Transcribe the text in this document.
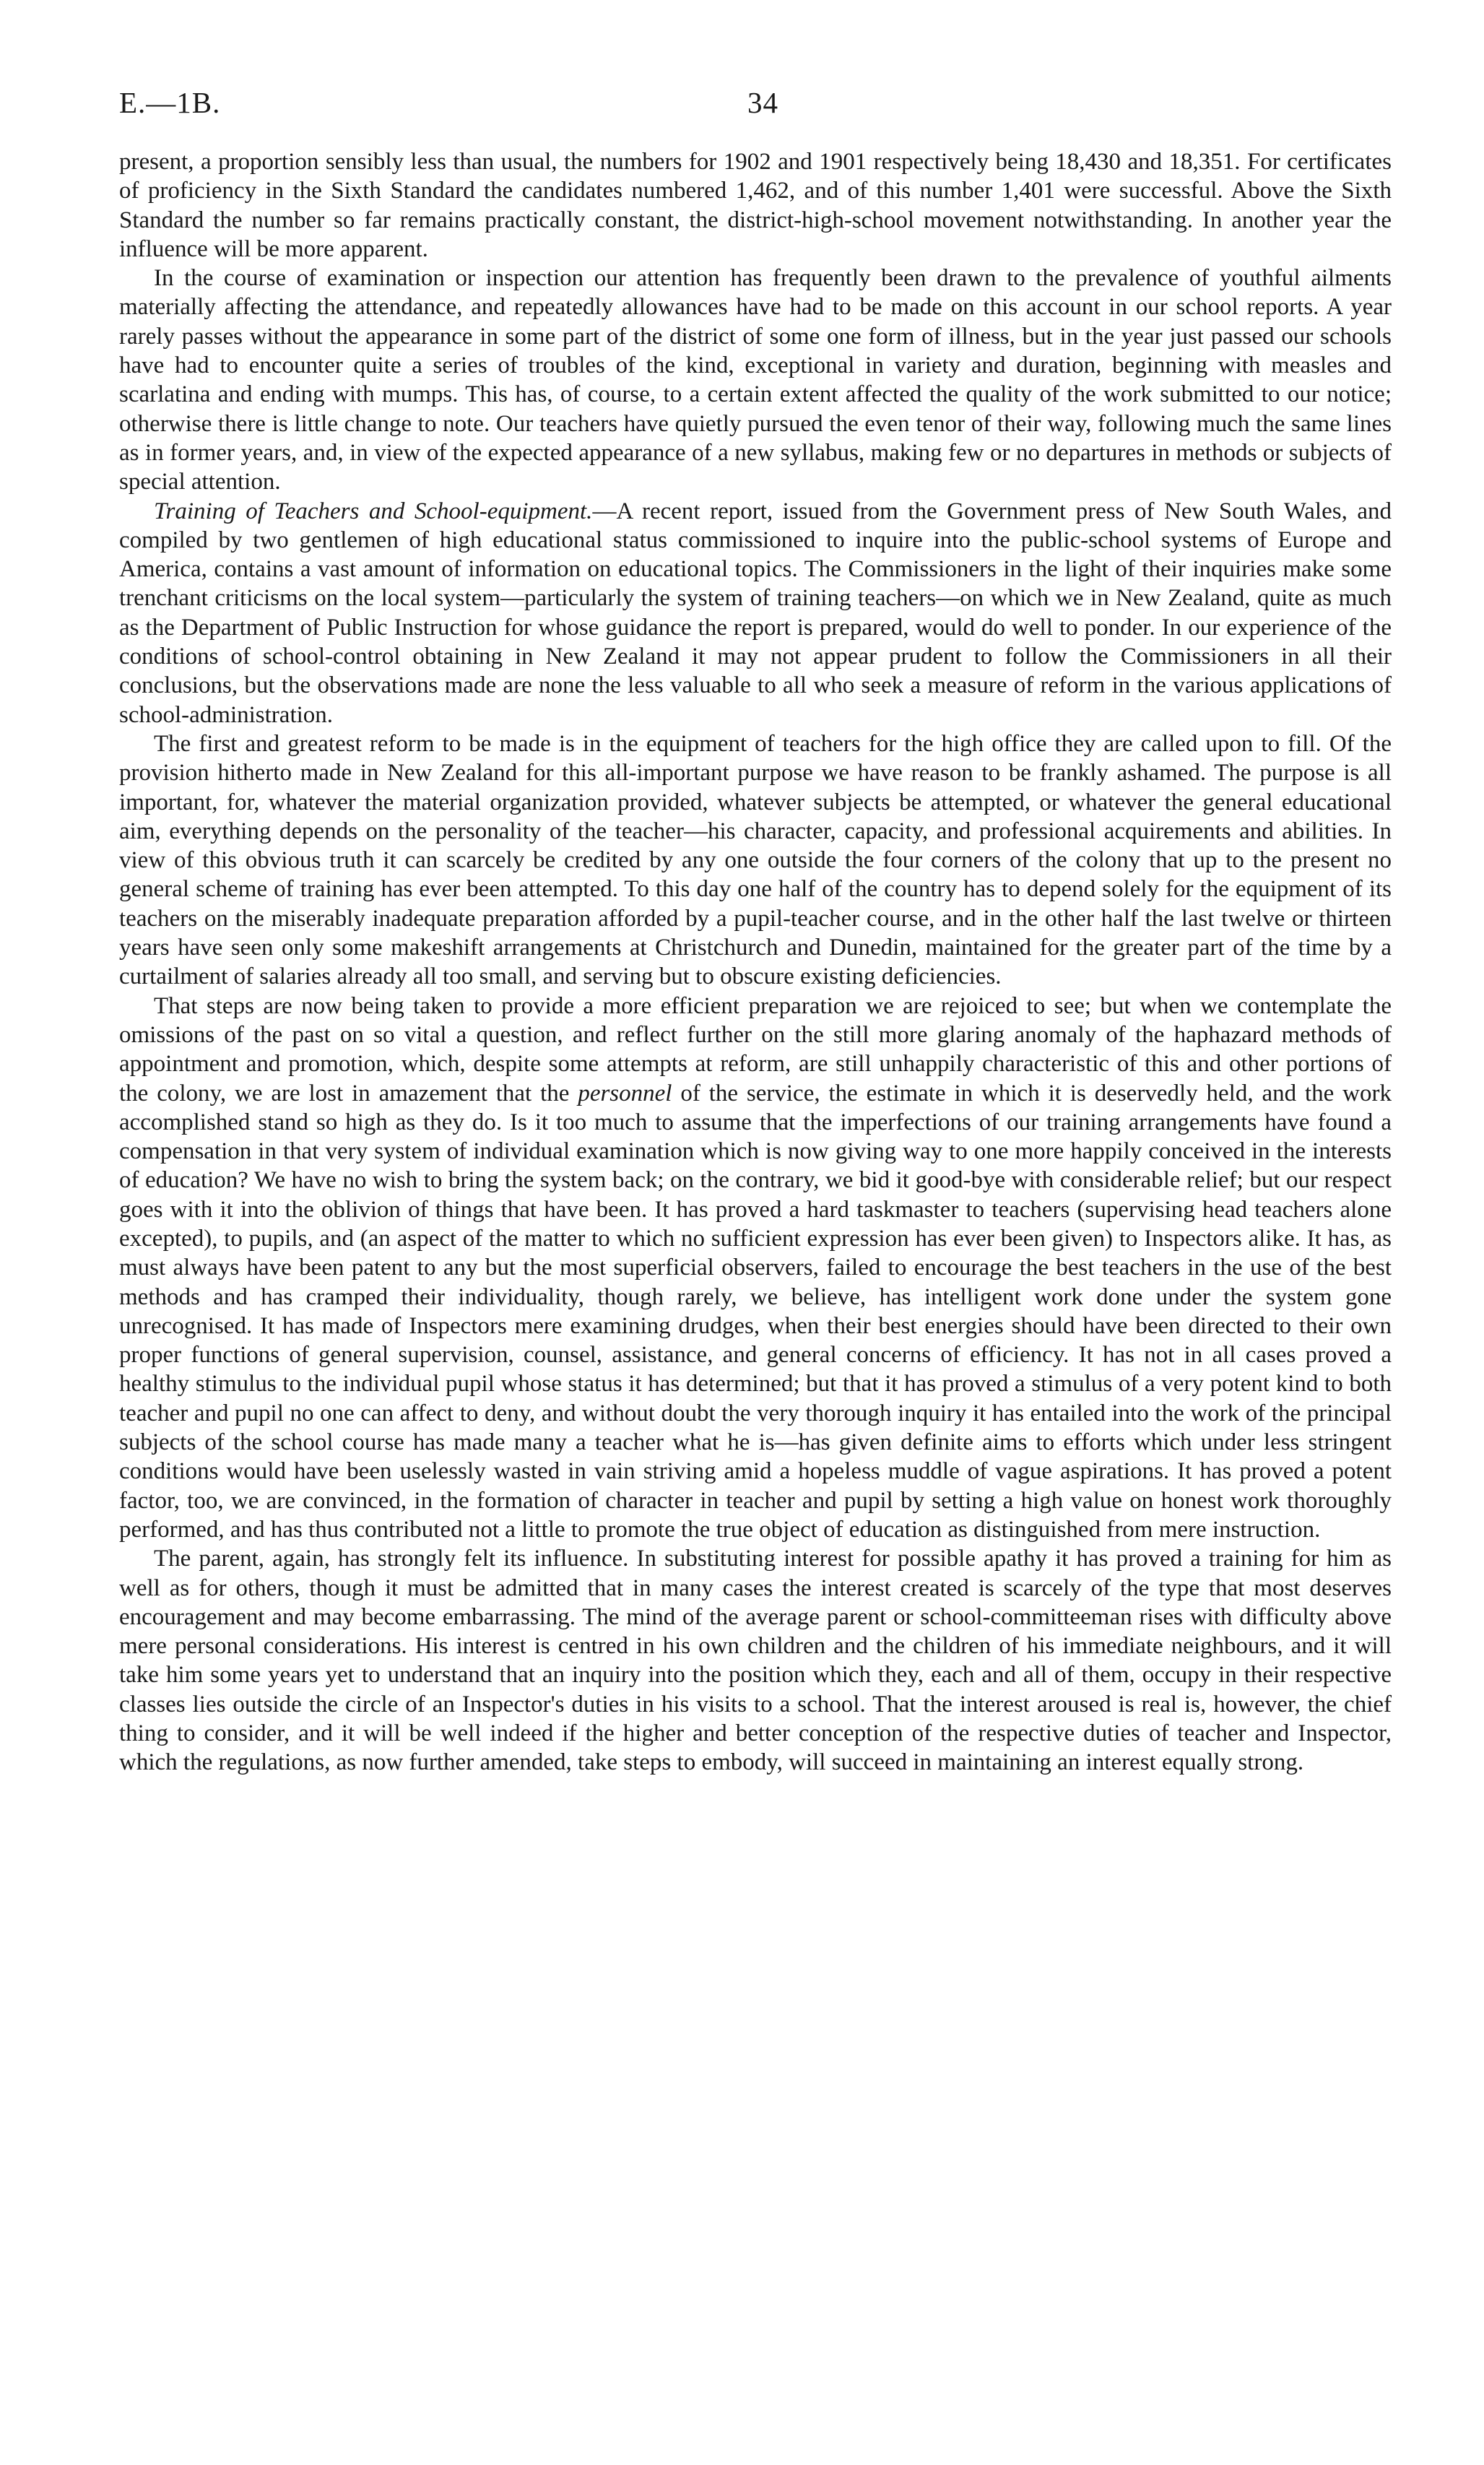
E.—1B.	34

present, a proportion sensibly less than usual, the numbers for 1902 and 1901 respectively being 18,430 and 18,351. For certificates of proficiency in the Sixth Standard the candidates numbered 1,462, and of this number 1,401 were successful. Above the Sixth Standard the number so far remains practically constant, the district-high-school movement notwithstanding. In another year the influence will be more apparent.

In the course of examination or inspection our attention has frequently been drawn to the prevalence of youthful ailments materially affecting the attendance, and repeatedly allowances have had to be made on this account in our school reports. A year rarely passes without the appearance in some part of the district of some one form of illness, but in the year just passed our schools have had to encounter quite a series of troubles of the kind, exceptional in variety and duration, beginning with measles and scarlatina and ending with mumps. This has, of course, to a certain extent affected the quality of the work submitted to our notice; otherwise there is little change to note. Our teachers have quietly pursued the even tenor of their way, following much the same lines as in former years, and, in view of the expected appearance of a new syllabus, making few or no departures in methods or subjects of special attention.

Training of Teachers and School-equipment.—A recent report, issued from the Government press of New South Wales, and compiled by two gentlemen of high educational status commissioned to inquire into the public-school systems of Europe and America, contains a vast amount of information on educational topics. The Commissioners in the light of their inquiries make some trenchant criticisms on the local system—particularly the system of training teachers—on which we in New Zealand, quite as much as the Department of Public Instruction for whose guidance the report is prepared, would do well to ponder. In our experience of the conditions of school-control obtaining in New Zealand it may not appear prudent to follow the Commissioners in all their conclusions, but the observations made are none the less valuable to all who seek a measure of reform in the various applications of school-administration.

The first and greatest reform to be made is in the equipment of teachers for the high office they are called upon to fill. Of the provision hitherto made in New Zealand for this all-important purpose we have reason to be frankly ashamed. The purpose is all important, for, whatever the material organization provided, whatever subjects be attempted, or whatever the general educational aim, everything depends on the personality of the teacher—his character, capacity, and professional acquirements and abilities. In view of this obvious truth it can scarcely be credited by any one outside the four corners of the colony that up to the present no general scheme of training has ever been attempted. To this day one half of the country has to depend solely for the equipment of its teachers on the miserably inadequate preparation afforded by a pupil-teacher course, and in the other half the last twelve or thirteen years have seen only some makeshift arrangements at Christchurch and Dunedin, maintained for the greater part of the time by a curtailment of salaries already all too small, and serving but to obscure existing deficiencies.

That steps are now being taken to provide a more efficient preparation we are rejoiced to see; but when we contemplate the omissions of the past on so vital a question, and reflect further on the still more glaring anomaly of the haphazard methods of appointment and promotion, which, despite some attempts at reform, are still unhappily characteristic of this and other portions of the colony, we are lost in amazement that the personnel of the service, the estimate in which it is deservedly held, and the work accomplished stand so high as they do. Is it too much to assume that the imperfections of our training arrangements have found a compensation in that very system of individual examination which is now giving way to one more happily conceived in the interests of education? We have no wish to bring the system back; on the contrary, we bid it good-bye with considerable relief; but our respect goes with it into the oblivion of things that have been. It has proved a hard taskmaster to teachers (supervising head teachers alone excepted), to pupils, and (an aspect of the matter to which no sufficient expression has ever been given) to Inspectors alike. It has, as must always have been patent to any but the most superficial observers, failed to encourage the best teachers in the use of the best methods and has cramped their individuality, though rarely, we believe, has intelligent work done under the system gone unrecognised. It has made of Inspectors mere examining drudges, when their best energies should have been directed to their own proper functions of general supervision, counsel, assistance, and general concerns of efficiency. It has not in all cases proved a healthy stimulus to the individual pupil whose status it has determined; but that it has proved a stimulus of a very potent kind to both teacher and pupil no one can affect to deny, and without doubt the very thorough inquiry it has entailed into the work of the principal subjects of the school course has made many a teacher what he is—has given definite aims to efforts which under less stringent conditions would have been uselessly wasted in vain striving amid a hopeless muddle of vague aspirations. It has proved a potent factor, too, we are convinced, in the formation of character in teacher and pupil by setting a high value on honest work thoroughly performed, and has thus contributed not a little to promote the true object of education as distinguished from mere instruction.

The parent, again, has strongly felt its influence. In substituting interest for possible apathy it has proved a training for him as well as for others, though it must be admitted that in many cases the interest created is scarcely of the type that most deserves encouragement and may become embarrassing. The mind of the average parent or school-committeeman rises with difficulty above mere personal considerations. His interest is centred in his own children and the children of his immediate neighbours, and it will take him some years yet to understand that an inquiry into the position which they, each and all of them, occupy in their respective classes lies outside the circle of an Inspector's duties in his visits to a school. That the interest aroused is real is, however, the chief thing to consider, and it will be well indeed if the higher and better conception of the respective duties of teacher and Inspector, which the regulations, as now further amended, take steps to embody, will succeed in maintaining an interest equally strong.
